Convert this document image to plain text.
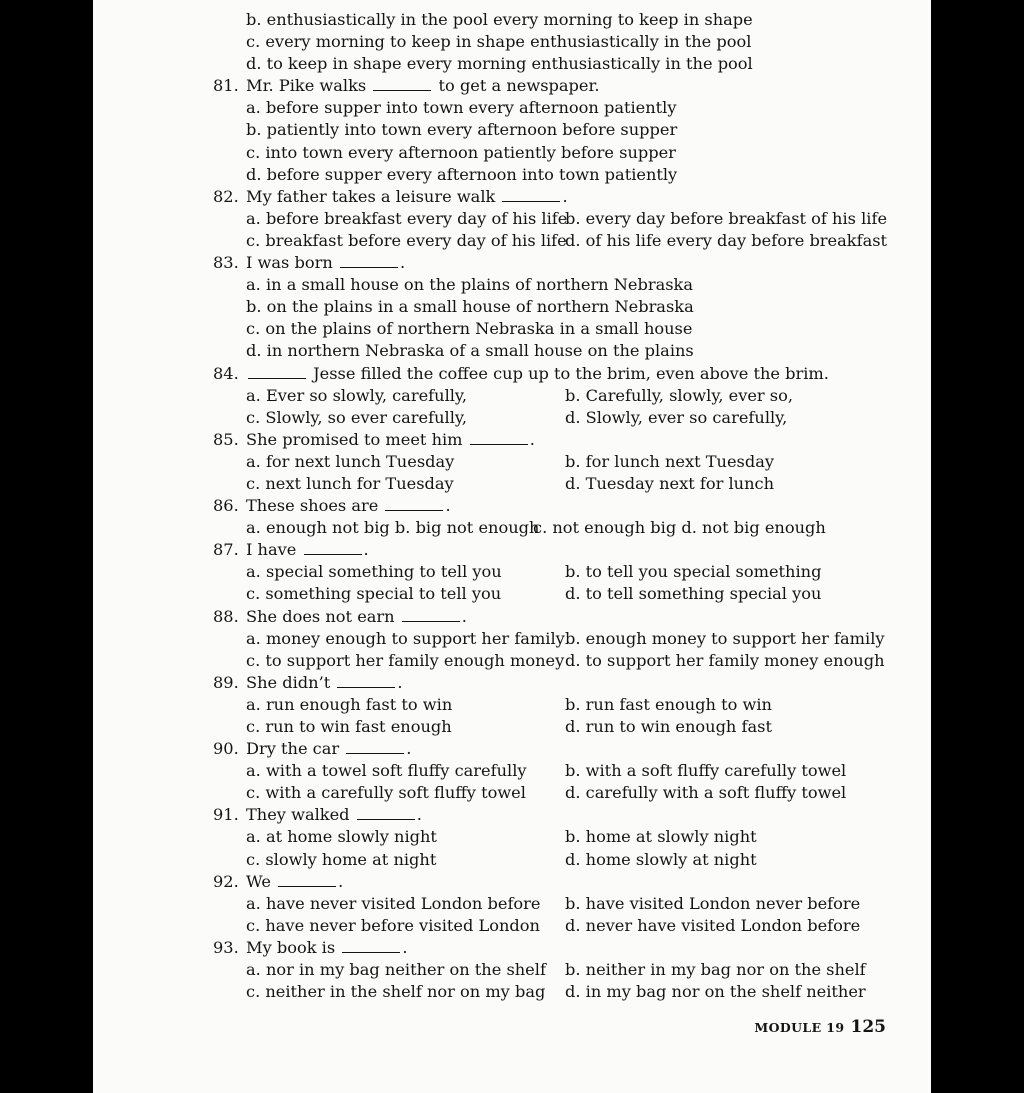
b. enthusiastically in the pool every morning to keep in shape
c. every morning to keep in shape enthusiastically in the pool
d. to keep in shape every morning enthusiastically in the pool
81. Mr. Pike walks	to get a newspaper.
a. before supper into town every afternoon patiently
b. patiently into town every afternoon before supper
c. into town every afternoon patiently before supper
d. before supper every afternoon into town patiently
82. My father takes a leisure walk	.
a. before breakfast every day of his life
b. every day before breakfast of his life
c. breakfast before every day of his life
d. of his life every day before breakfast
83. I was born	.
a. in a small house on the plains of northern Nebraska
b. on the plains in a small house of northern Nebraska
c. on the plains of northern Nebraska in a small house
d. in northern Nebraska of a small house on the plains
84.	Jesse filled the coffee cup up to the brim, even above the brim.
a. Ever so slowly, carefully,	b. Carefully, slowly, ever so,
c. Slowly, so ever carefully,	d. Slowly, ever so carefully,
85. She promised to meet him	.
a. for next lunch Tuesday	b. for lunch next Tuesday
c. next lunch for Tuesday	d. Tuesday next for lunch
86. These shoes are	.
a. enough not big b. big not enough
c. not enough big d. not big enough
87. I have	.
a. special something to tell you	b. to tell you special something
c. something special to tell you	d. to tell something special you
88. She does not earn	.
a. money enough to support her family b. enough money to support her family
c. to support her family enough money d. to support her family money enough
89. She didn’t	.
a. run enough fast to win	b. run fast enough to win
c. run to win fast enough	d. run to win enough fast
90. Dry the car	.
a. with a towel soft fluffy carefully b. with a soft fluffy carefully towel
c. with a carefully soft fluffy towel d. carefully with a soft fluffy towel
91. They walked	.
a. at home slowly night	b. home at slowly night
c. slowly home at night	d. home slowly at night
92. We	.
a. have never visited London before b. have visited London never before
c. have never before visited London d. never have visited London before
93. My book is	.
a. nor in my bag neither on the shelf b. neither in my bag nor on the shelf
c. neither in the shelf nor on my bag d. in my bag nor on the shelf neither
MODULE 19 125
